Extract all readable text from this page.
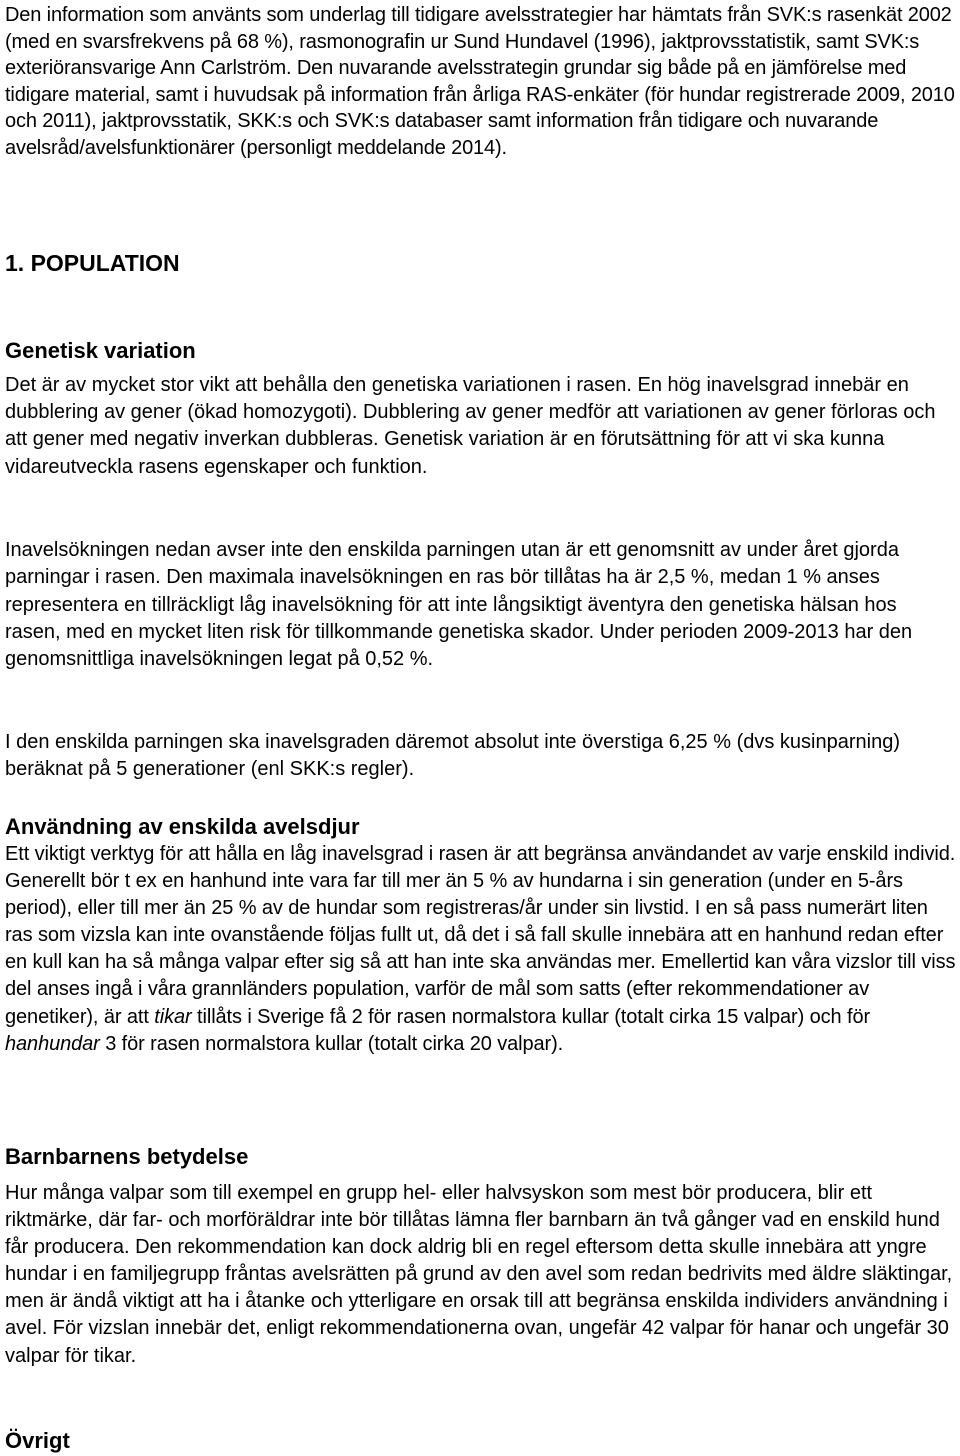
Den information som använts som underlag till tidigare avelsstrategier har hämtats från SVK:s rasenkät 2002 (med en svarsfrekvens på 68 %), rasmonografin ur Sund Hundavel (1996), jaktprovsstatistik, samt SVK:s exteriöransvarige Ann Carlström. Den nuvarande avelsstrategin grundar sig både på en jämförelse med tidigare material, samt i huvudsak på information från årliga RAS-enkäter (för hundar registrerade 2009, 2010 och 2011), jaktprovsstatik, SKK:s och SVK:s databaser samt information från tidigare och nuvarande avelsråd/avelsfunktionärer (personligt meddelande 2014).

1. POPULATION
Genetisk variation

Det är av mycket stor vikt att behålla den genetiska variationen i rasen. En hög inavelsgrad innebär en dubblering av gener (ökad homozygoti). Dubblering av gener medför att variationen av gener förloras och att gener med negativ inverkan dubbleras. Genetisk variation är en förutsättning för att vi ska kunna vidareutveckla rasens egenskaper och funktion.

Inavelsökningen nedan avser inte den enskilda parningen utan är ett genomsnitt av under året gjorda parningar i rasen. Den maximala inavelsökningen en ras bör tillåtas ha är 2,5 %, medan 1 % anses representera en tillräckligt låg inavelsökning för att inte långsiktigt äventyra den genetiska hälsan hos rasen, med en mycket liten risk för tillkommande genetiska skador. Under perioden 2009-2013 har den genomsnittliga inavelsökningen legat på 0,52 %.

I den enskilda parningen ska inavelsgraden däremot absolut inte överstiga 6,25 % (dvs kusinparning) beräknat på 5 generationer (enl SKK:s regler).

Användning av enskilda avelsdjur

Ett viktigt verktyg för att hålla en låg inavelsgrad i rasen är att begränsa användandet av varje enskild individ. Generellt bör t ex en hanhund inte vara far till mer än 5 % av hundarna i sin generation (under en 5-års period), eller till mer än 25 % av de hundar som registreras/år under sin livstid. I en så pass numerärt liten ras som vizsla kan inte ovanstående följas fullt ut, då det i så fall skulle innebära att en hanhund redan efter en kull kan ha så många valpar efter sig så att han inte ska användas mer. Emellertid kan våra vizslor till viss del anses ingå i våra grannländers population, varför de mål som satts (efter rekommendationer av genetiker), är att tikar tillåts i Sverige få 2 för rasen normalstora kullar (totalt cirka 15 valpar) och för hanhundar 3 för rasen normalstora kullar (totalt cirka 20 valpar).

Barnbarnens betydelse

Hur många valpar som till exempel en grupp hel- eller halvsyskon som mest bör producera, blir ett riktmärke, där far- och morföräldrar inte bör tillåtas lämna fler barnbarn än två gånger vad en enskild hund får producera. Den rekommendation kan dock aldrig bli en regel eftersom detta skulle innebära att yngre hundar i en familjegrupp fråntas avelsrätten på grund av den avel som redan bedrivits med äldre släktingar, men är ändå viktigt att ha i åtanke och ytterligare en orsak till att begränsa enskilda individers användning i avel. För vizslan innebär det, enligt rekommendationerna ovan, ungefär 42 valpar för hanar och ungefär 30 valpar för tikar.

Övrigt
